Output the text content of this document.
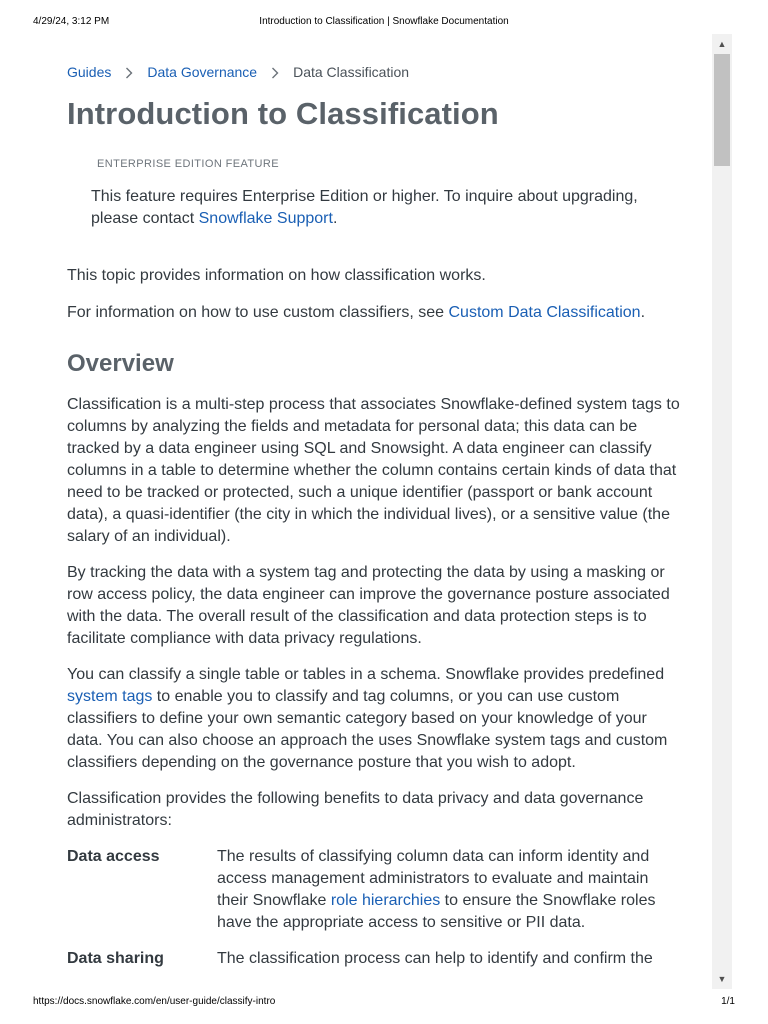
4/29/24, 3:12 PM	Introduction to Classification | Snowflake Documentation
Guides	Data Governance	Data Classification
Introduction to Classification
ENTERPRISE EDITION FEATURE
This feature requires Enterprise Edition or higher. To inquire about upgrading, please contact Snowflake Support.

This topic provides information on how classification works.

For information on how to use custom classifiers, see Custom Data Classification.

Overview

Classification is a multi-step process that associates Snowflake-defined system tags to columns by analyzing the fields and metadata for personal data; this data can be tracked by a data engineer using SQL and Snowsight. A data engineer can classify columns in a table to determine whether the column contains certain kinds of data that need to be tracked or protected, such a unique identifier (passport or bank account data), a quasi-identifier (the city in which the individual lives), or a sensitive value (the salary of an individual).

By tracking the data with a system tag and protecting the data by using a masking or row access policy, the data engineer can improve the governance posture associated with the data. The overall result of the classification and data protection steps is to facilitate compliance with data privacy regulations.

You can classify a single table or tables in a schema. Snowflake provides predefined system tags to enable you to classify and tag columns, or you can use custom classifiers to define your own semantic category based on your knowledge of your data. You can also choose an approach the uses Snowflake system tags and custom classifiers depending on the governance posture that you wish to adopt.

Classification provides the following benefits to data privacy and data governance administrators:

Data access	The results of classifying column data can inform identity and access management administrators to evaluate and maintain their Snowflake role hierarchies to ensure the Snowflake roles have the appropriate access to sensitive or PII data.
Data sharing	The classification process can help to identify and confirm the
▲
▼
https://docs.snowflake.com/en/user-guide/classify-intro	1/1
